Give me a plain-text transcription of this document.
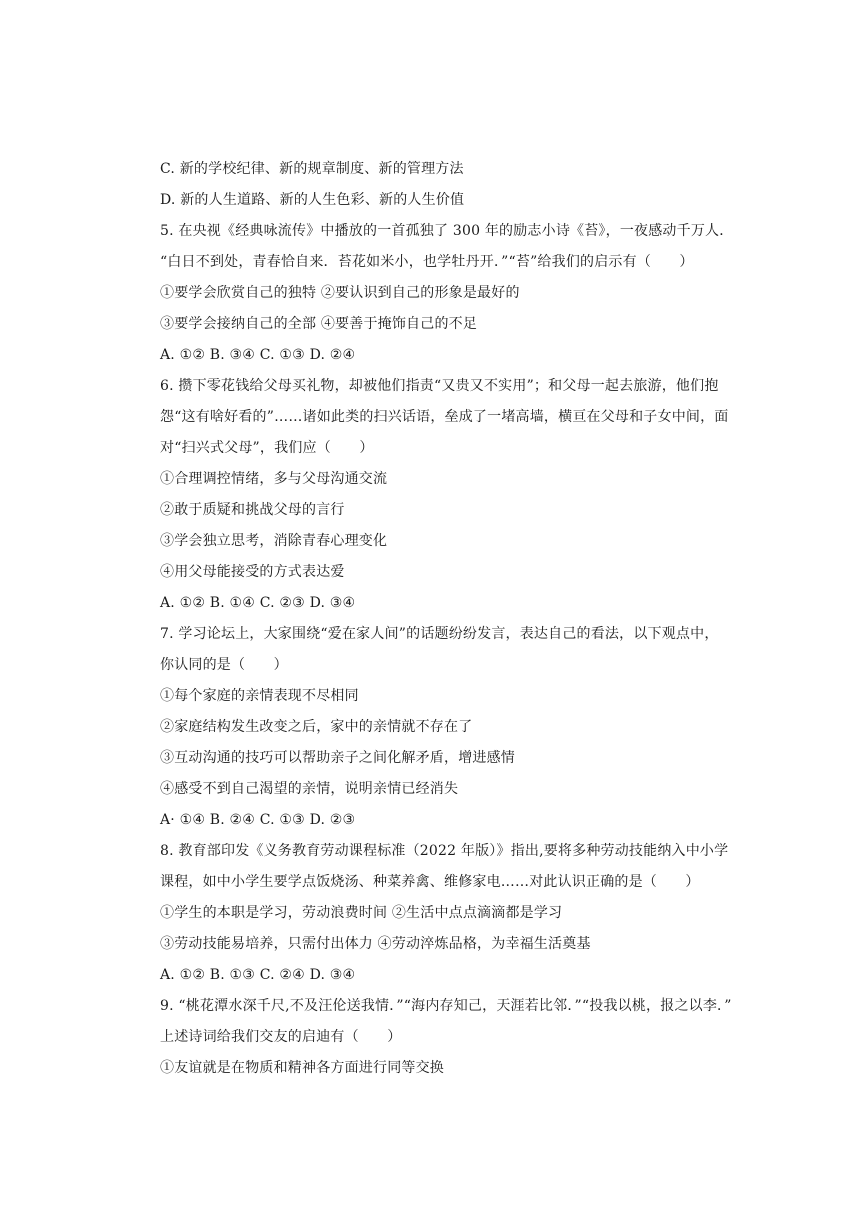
C. 新的学校纪律、新的规章制度、新的管理方法
D. 新的人生道路、新的人生色彩、新的人生价值
5. 在央视《经典咏流传》中播放的一首孤独了 300 年的励志小诗《苔》，一夜感动千万人．
“白日不到处，青春恰自来．苔花如米小，也学牡丹开．”“苔”给我们的启示有（　　）
①要学会欣赏自己的独特 ②要认识到自己的形象是最好的
③要学会接纳自己的全部 ④要善于掩饰自己的不足
A. ①② B. ③④ C. ①③ D. ②④
6. 攒下零花钱给父母买礼物，却被他们指责“又贵又不实用”；和父母一起去旅游，他们抱
怨“这有啥好看的”……诸如此类的扫兴话语，垒成了一堵高墙，横亘在父母和子女中间，面
对“扫兴式父母”，我们应（　　）
①合理调控情绪，多与父母沟通交流
②敢于质疑和挑战父母的言行
③学会独立思考，消除青春心理变化
④用父母能接受的方式表达爱
A. ①② B. ①④ C. ②③ D. ③④
7. 学习论坛上，大家围绕“爱在家人间”的话题纷纷发言，表达自己的看法，以下观点中，
你认同的是（　　）
①每个家庭的亲情表现不尽相同
②家庭结构发生改变之后，家中的亲情就不存在了
③互动沟通的技巧可以帮助亲子之间化解矛盾，增进感情
④感受不到自己渴望的亲情，说明亲情已经消失
A· ①④ B. ②④ C. ①③ D. ②③
8. 教育部印发《义务教育劳动课程标准（2022 年版）》指出,要将多种劳动技能纳入中小学
课程，如中小学生要学点饭烧汤、种菜养禽、维修家电……对此认识正确的是（　　）
①学生的本职是学习，劳动浪费时间 ②生活中点点滴滴都是学习
③劳动技能易培养，只需付出体力 ④劳动淬炼品格，为幸福生活奠基
A. ①② B. ①③ C. ②④ D. ③④
9. “桃花潭水深千尺,不及汪伦送我情．”“海内存知己，天涯若比邻．”“投我以桃，报之以李．”
上述诗词给我们交友的启迪有（　　）
①友谊就是在物质和精神各方面进行同等交换
